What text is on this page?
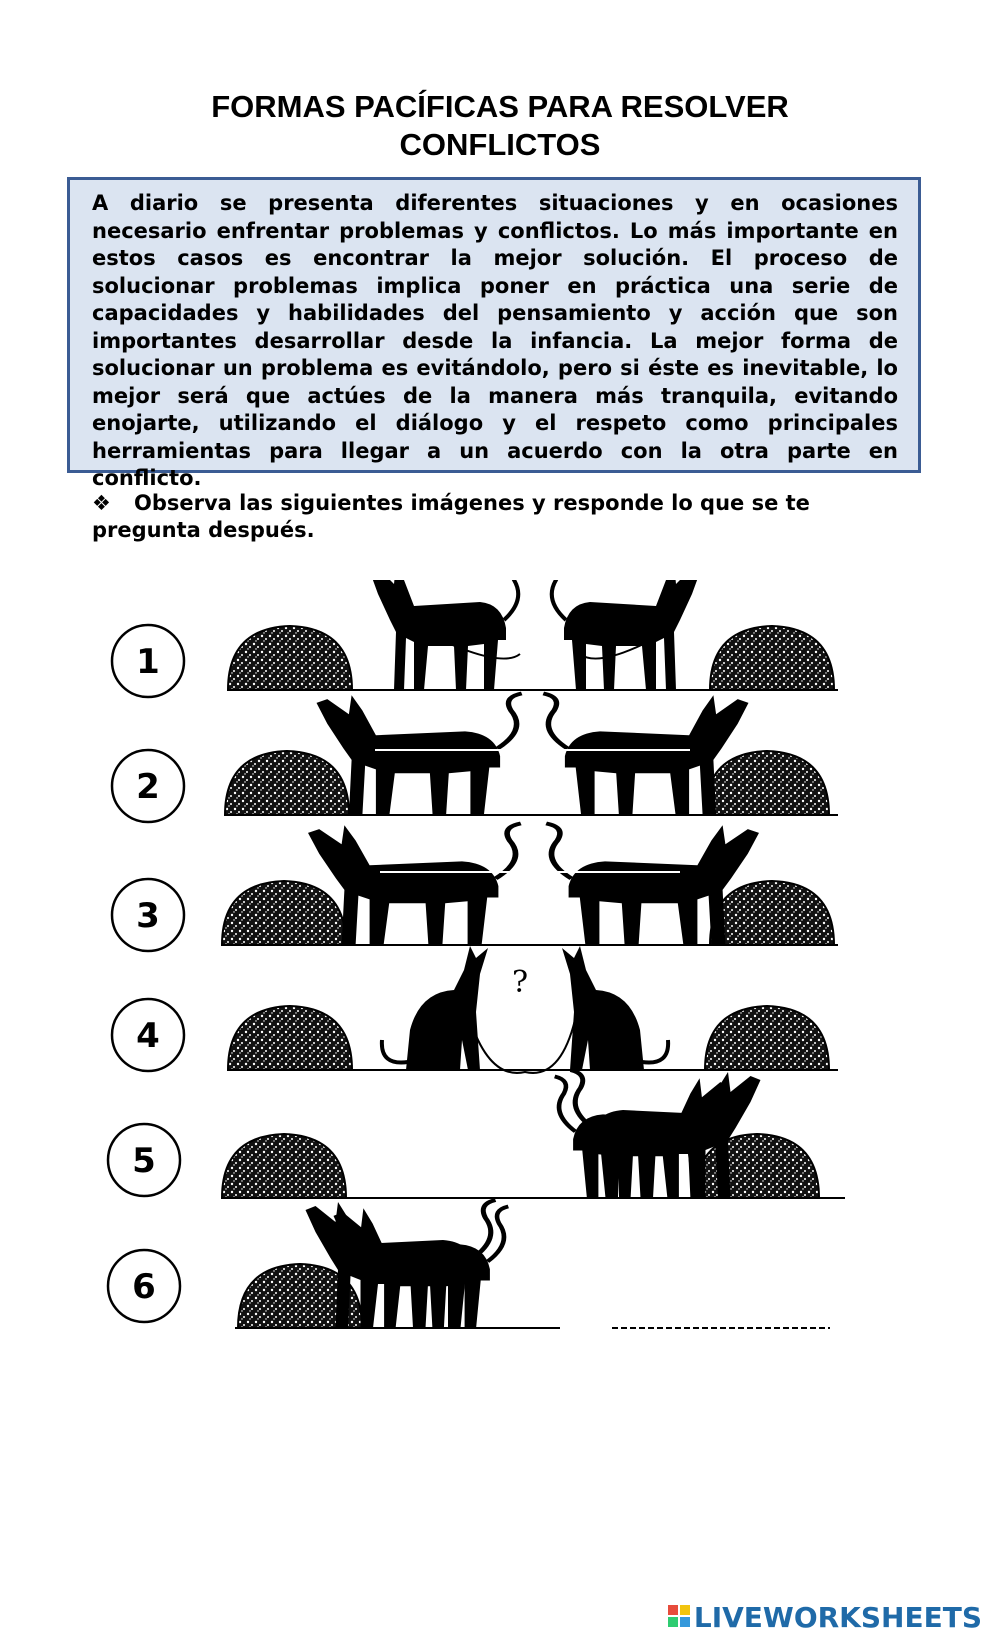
FORMAS PACÍFICAS PARA RESOLVER
CONFLICTOS

A diario se presenta diferentes situaciones y en ocasiones necesario enfrentar problemas y conflictos. Lo más importante en estos casos es encontrar la mejor solución. El proceso de solucionar problemas implica poner en práctica una serie de capacidades y habilidades del pensamiento y acción que son importantes desarrollar desde la infancia. La mejor forma de solucionar un problema es evitándolo, pero si éste es inevitable, lo mejor será que actúes de la manera más tranquila, evitando enojarte, utilizando el diálogo y el respeto como principales herramientas para llegar a un acuerdo con la otra parte en conflicto.

❖ Observa las siguientes imágenes y responde lo que se te pregunta después.
1
2
3
4
5
6
?
LIVEWORKSHEETS
